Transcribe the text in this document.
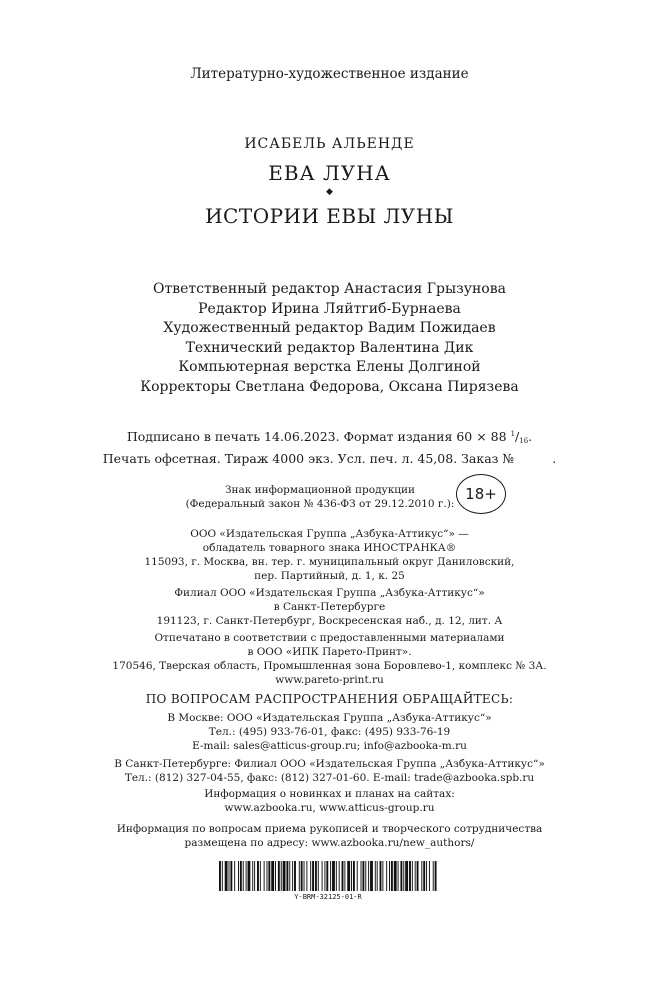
Литературно-художественное издание
ИСАБЕЛЬ АЛЬЕНДЕ
ЕВА ЛУНА
◆
ИСТОРИИ ЕВЫ ЛУНЫ
Ответственный редактор Анастасия Грызунова
Редактор Ирина Ляйтгиб-Бурнаева
Художественный редактор Вадим Пожидаев
Технический редактор Валентина Дик
Компьютерная верстка Елены Долгиной
Корректоры Светлана Федорова, Оксана Пирязева
Подписано в печать 14.06.2023. Формат издания 60 × 88 $^1$/16.
Печать офсетная. Тираж 4000 экз. Усл. печ. л. 45,08. Заказ №	.
Знак информационной продукции
(Федеральный закон № 436-ФЗ от 29.12.2010 г.):
18+
ООО «Издательская Группа „Азбука-Аттикус“» —
обладатель товарного знака ИНОСТРАНКА®
115093, г. Москва, вн. тер. г. муниципальный округ Даниловский,
пер. Партийный, д. 1, к. 25
Филиал ООО «Издательская Группа „Азбука-Аттикус“»
в Санкт-Петербурге
191123, г. Санкт-Петербург, Воскресенская наб., д. 12, лит. А
Отпечатано в соответствии с предоставленными материалами
в ООО «ИПК Парето-Принт».
170546, Тверская область, Промышленная зона Боровлево-1, комплекс № 3А.
www.pareto-print.ru
ПО ВОПРОСАМ РАСПРОСТРАНЕНИЯ ОБРАЩАЙТЕСЬ:
В Москве: ООО «Издательская Группа „Азбука-Аттикус“»
Тел.: (495) 933-76-01, факс: (495) 933-76-19
E-mail: sales@atticus-group.ru; info@azbooka-m.ru
В Санкт-Петербурге: Филиал ООО «Издательская Группа „Азбука-Аттикус“»
Тел.: (812) 327-04-55, факс: (812) 327-01-60. E-mail: trade@azbooka.spb.ru
Информация о новинках и планах на сайтах:
www.azbooka.ru, www.atticus-group.ru
Информация по вопросам приема рукописей и творческого сотрудничества
размещена по адресу: www.azbooka.ru/new_authors/
Y-BRM-32125-01-R
